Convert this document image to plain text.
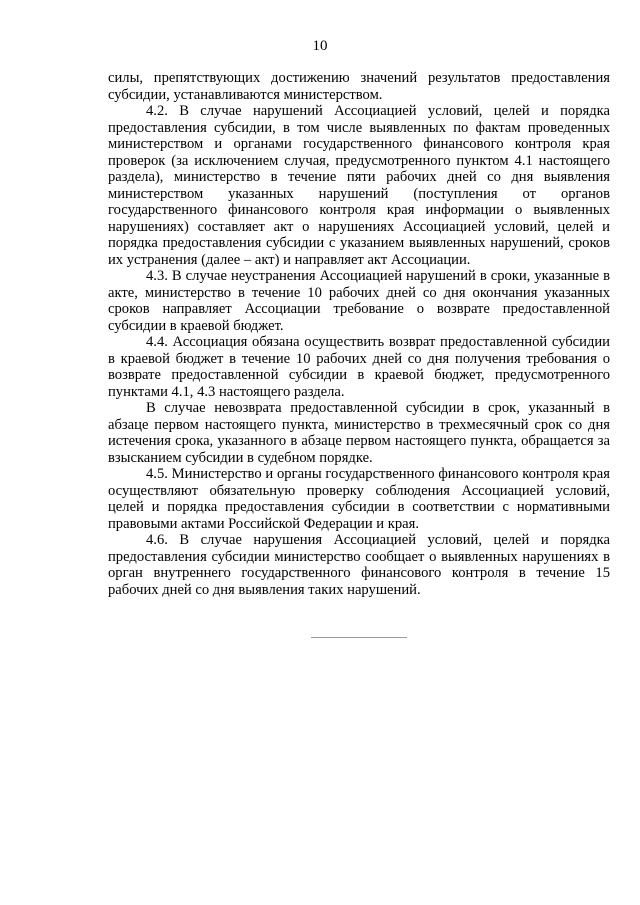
10

силы, препятствующих достижению значений результатов предоставления субсидии, устанавливаются министерством.

4.2. В случае нарушений Ассоциацией условий, целей и порядка предоставления субсидии, в том числе выявленных по фактам проведенных министерством и органами государственного финансового контроля края проверок (за исключением случая, предусмотренного пунктом 4.1 настоящего раздела), министерство в течение пяти рабочих дней со дня выявления министерством указанных нарушений (поступления от органов государственного финансового контроля края информации о выявленных нарушениях) составляет акт о нарушениях Ассоциацией условий, целей и порядка предоставления субсидии с указанием выявленных нарушений, сроков их устранения (далее – акт) и направляет акт Ассоциации.

4.3. В случае неустранения Ассоциацией нарушений в сроки, указанные в акте, министерство в течение 10 рабочих дней со дня окончания указанных сроков направляет Ассоциации требование о возврате предоставленной субсидии в краевой бюджет.

4.4. Ассоциация обязана осуществить возврат предоставленной субсидии в краевой бюджет в течение 10 рабочих дней со дня получения требования о возврате предоставленной субсидии в краевой бюджет, предусмотренного пунктами 4.1, 4.3 настоящего раздела.

В случае невозврата предоставленной субсидии в срок, указанный в абзаце первом настоящего пункта, министерство в трехмесячный срок со дня истечения срока, указанного в абзаце первом настоящего пункта, обращается за взысканием субсидии в судебном порядке.

4.5. Министерство и органы государственного финансового контроля края осуществляют обязательную проверку соблюдения Ассоциацией условий, целей и порядка предоставления субсидии в соответствии с нормативными правовыми актами Российской Федерации и края.

4.6. В случае нарушения Ассоциацией условий, целей и порядка предоставления субсидии министерство сообщает о выявленных нарушениях в орган внутреннего государственного финансового контроля в течение 15 рабочих дней со дня выявления таких нарушений.
